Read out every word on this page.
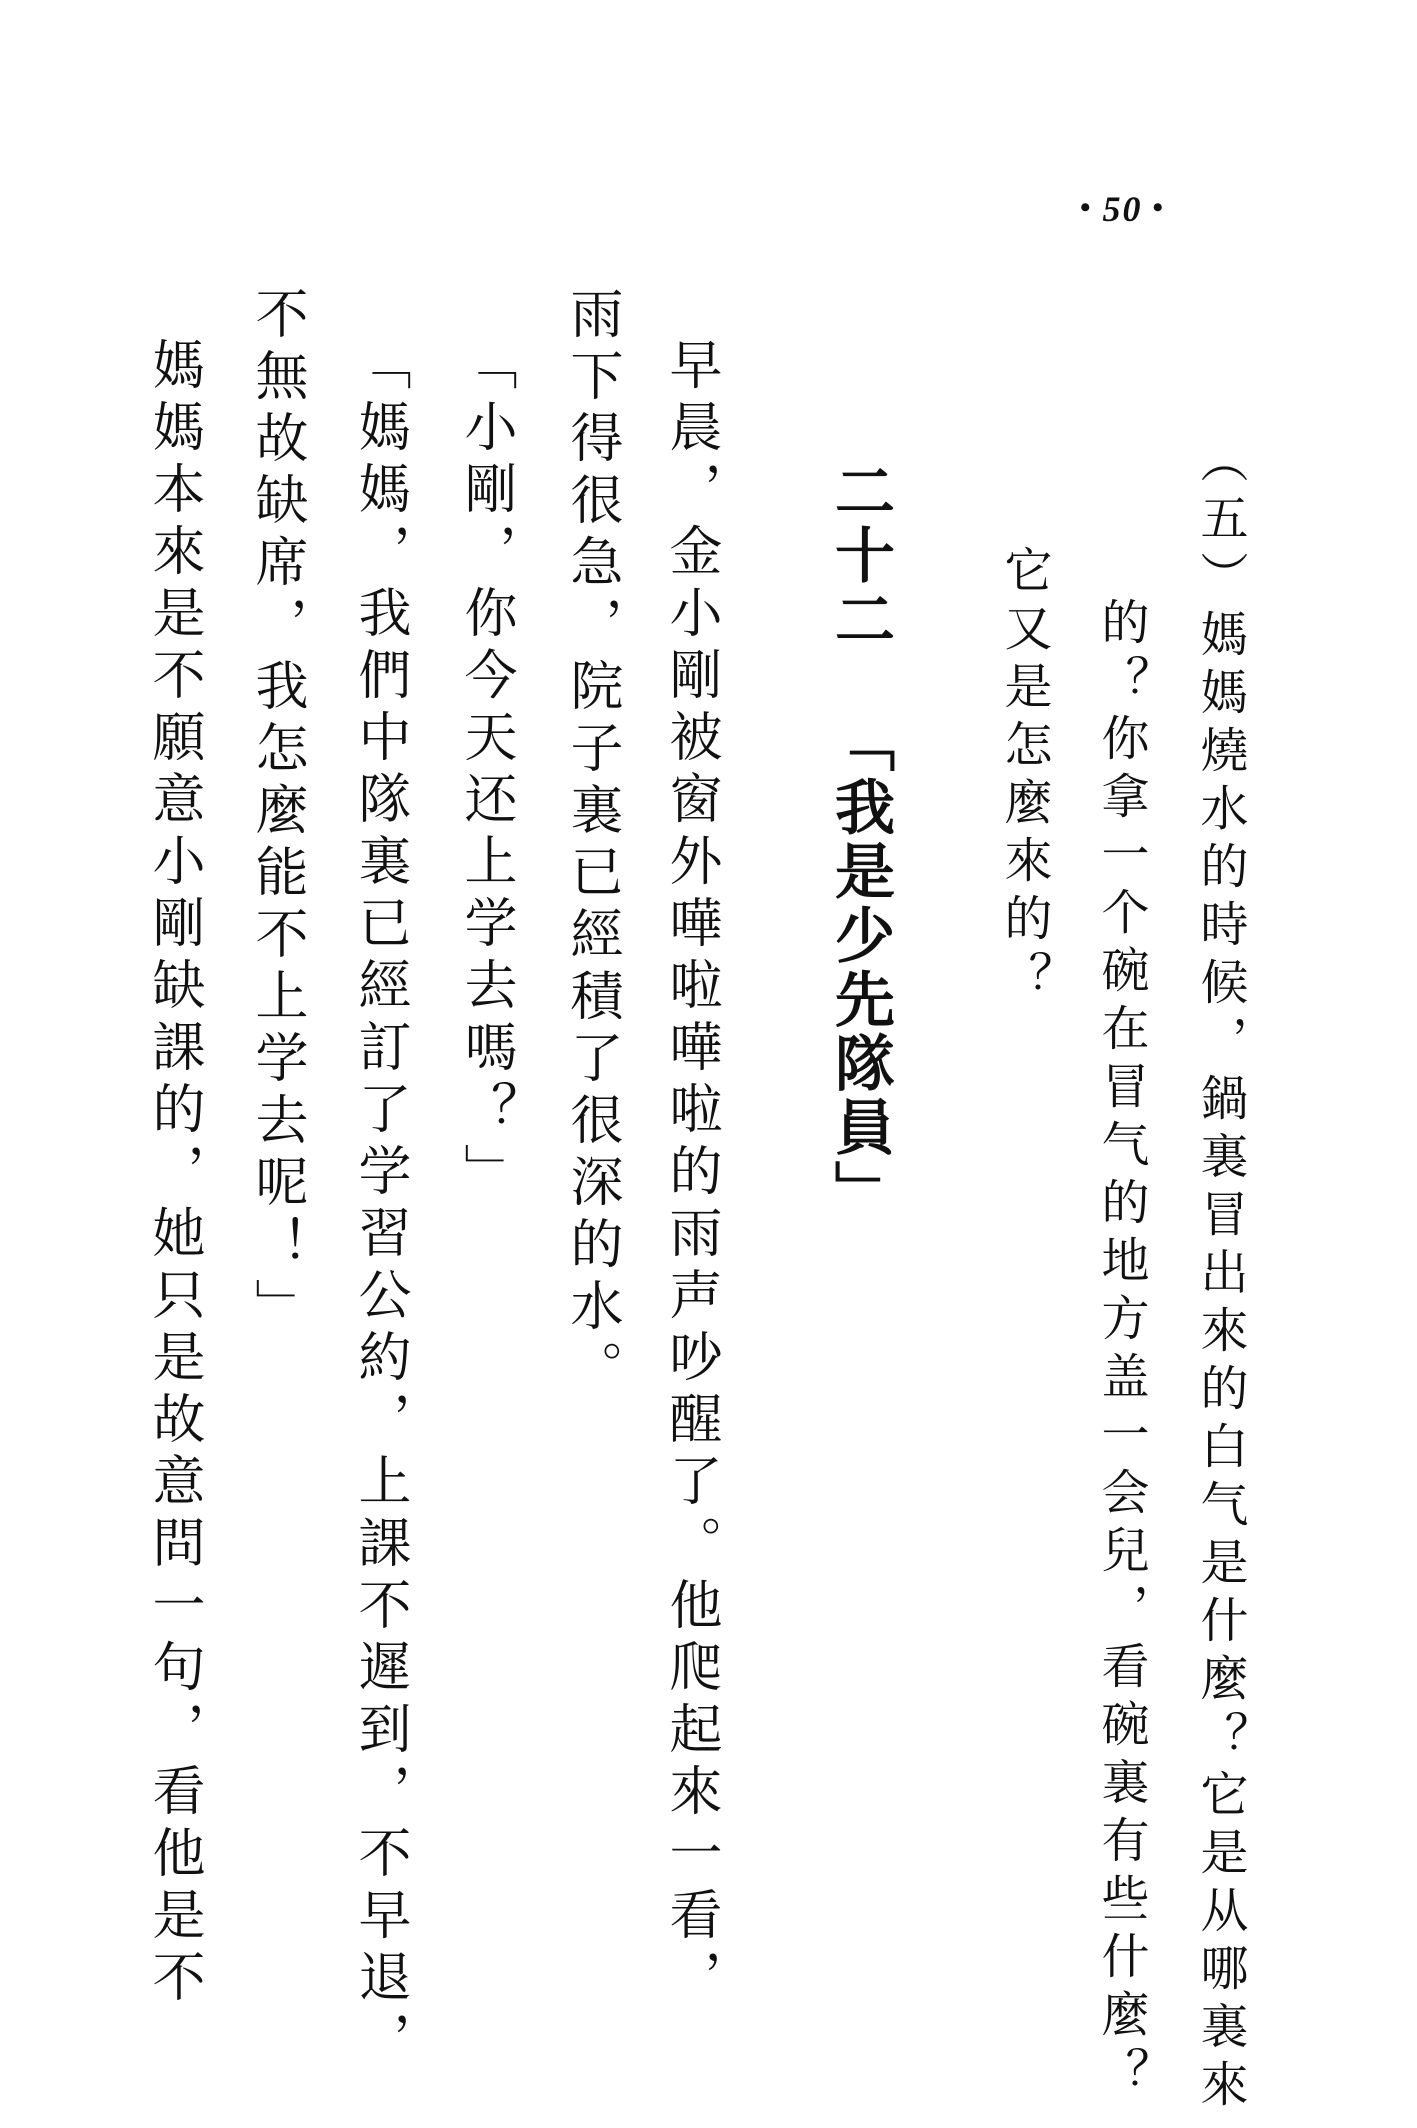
• 50 •
（五）媽媽燒水的時候，鍋裏冒出來的白气是什麼？它是从哪裏來
的？你拿一个碗在冒气的地方盖一会兒，看碗裏有些什麼？
它又是怎麼來的？
二十二「我是少先隊員」
早晨，金小剛被窗外嘩啦嘩啦的雨声吵醒了。他爬起來一看，
雨下得很急，院子裏已經積了很深的水。
「小剛，你今天还上学去嗎？」
「媽媽，我們中隊裏已經訂了学習公約，上課不遲到，不早退，
不無故缺席，我怎麼能不上学去呢！」
媽媽本來是不願意小剛缺課的，她只是故意問一句，看他是不
